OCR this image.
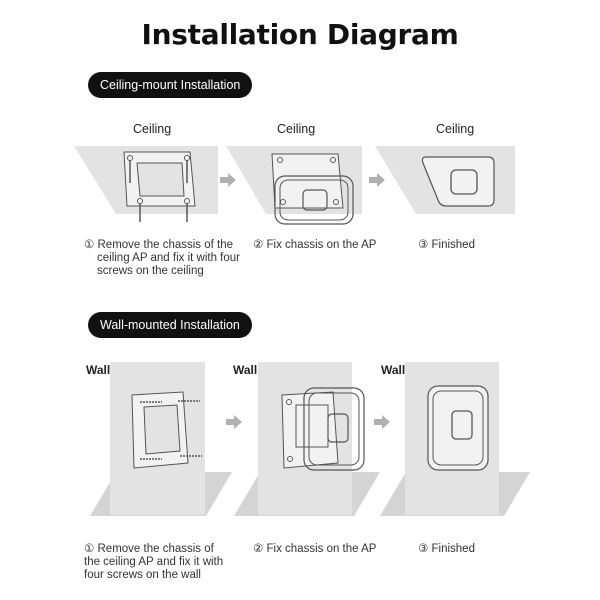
Installation Diagram
Ceiling-mount Installation
Ceiling	Ceiling	Ceiling
① Remove the chassis of the
ceiling AP and fix it with four
screws on the ceiling
② Fix chassis on the AP	③ Finished
Wall-mounted Installation
Wall	Wall	Wall
① Remove the chassis of
the ceiling AP and fix it with
four screws on the wall
② Fix chassis on the AP	③ Finished
